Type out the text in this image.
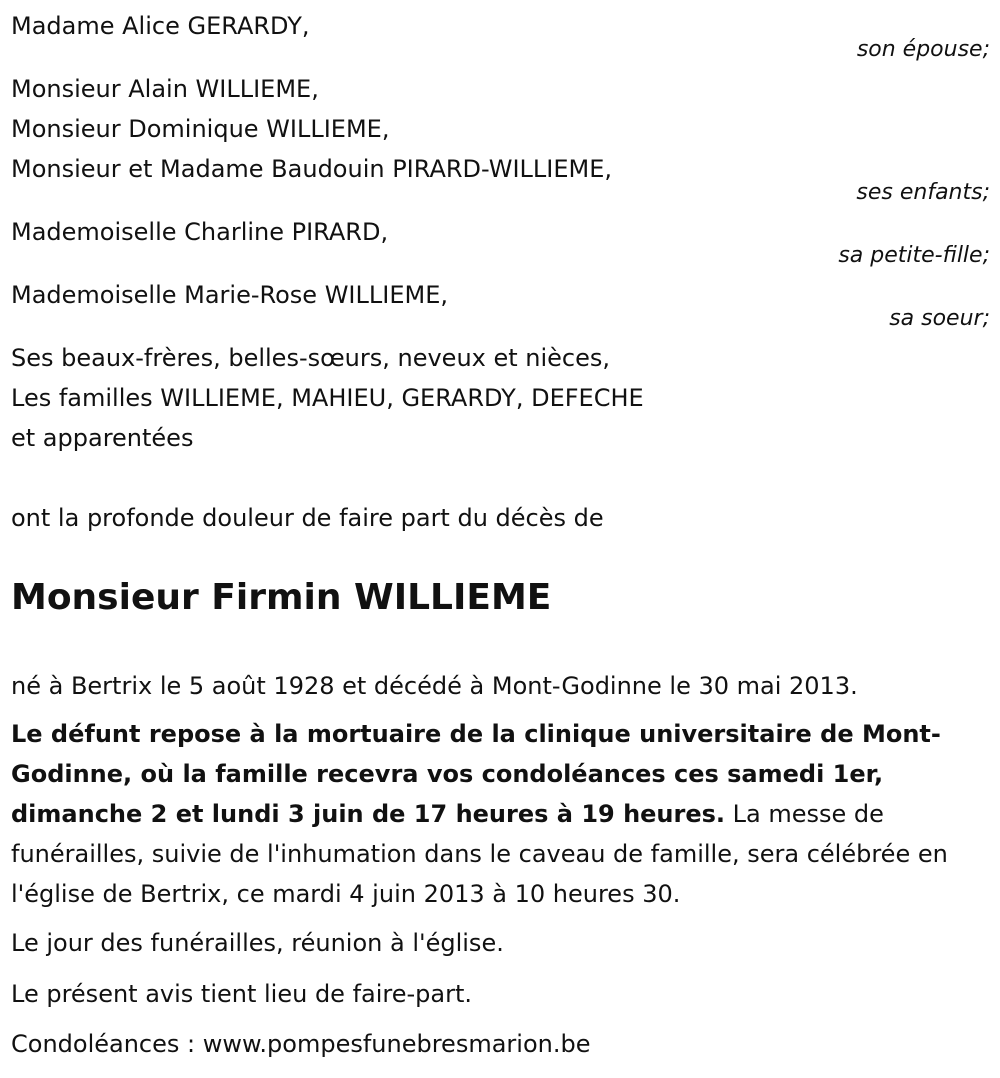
Madame Alice GERARDY,
son épouse;
Monsieur Alain WILLIEME,
Monsieur Dominique WILLIEME,
Monsieur et Madame Baudouin PIRARD-WILLIEME,
ses enfants;
Mademoiselle Charline PIRARD,
sa petite-fille;
Mademoiselle Marie-Rose WILLIEME,
sa soeur;
Ses beaux-frères, belles-sœurs, neveux et nièces,
Les familles WILLIEME, MAHIEU, GERARDY, DEFECHE
et apparentées
ont la profonde douleur de faire part du décès de
Monsieur Firmin WILLIEME
né à Bertrix le 5 août 1928 et décédé à Mont-Godinne le 30 mai 2013.
Le défunt repose à la mortuaire de la clinique universitaire de Mont-Godinne, où la famille recevra vos condoléances ces samedi 1er, dimanche 2 et lundi 3 juin de 17 heures à 19 heures. La messe de funérailles, suivie de l'inhumation dans le caveau de famille, sera célébrée en l'église de Bertrix, ce mardi 4 juin 2013 à 10 heures 30.
Le jour des funérailles, réunion à l'église.
Le présent avis tient lieu de faire-part.
Condoléances : www.pompesfunebresmarion.be
